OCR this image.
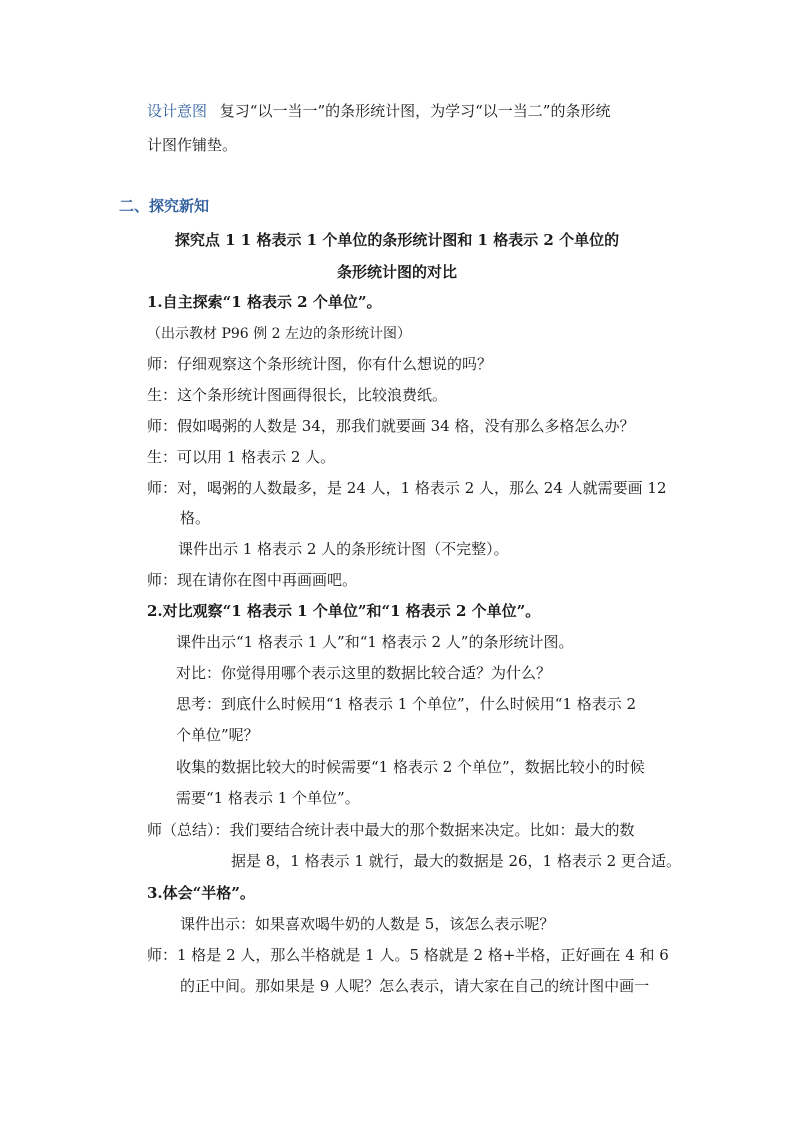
设计意图 复习“以一当一”的条形统计图，为学习“以一当二”的条形统
计图作铺垫。
二、探究新知
探究点 1 1 格表示 1 个单位的条形统计图和 1 格表示 2 个单位的
条形统计图的对比
1.自主探索“1 格表示 2 个单位”。
（出示教材 P96 例 2 左边的条形统计图）
师：仔细观察这个条形统计图，你有什么想说的吗？
生：这个条形统计图画得很长，比较浪费纸。
师：假如喝粥的人数是 34，那我们就要画 34 格，没有那么多格怎么办？
生：可以用 1 格表示 2 人。
师：对，喝粥的人数最多，是 24 人，1 格表示 2 人，那么 24 人就需要画 12
格。
课件出示 1 格表示 2 人的条形统计图（不完整）。
师：现在请你在图中再画画吧。
2.对比观察“1 格表示 1 个单位”和“1 格表示 2 个单位”。
课件出示“1 格表示 1 人”和“1 格表示 2 人”的条形统计图。
对比：你觉得用哪个表示这里的数据比较合适？为什么？
思考：到底什么时候用“1 格表示 1 个单位”，什么时候用“1 格表示 2
个单位”呢？
收集的数据比较大的时候需要“1 格表示 2 个单位”，数据比较小的时候
需要“1 格表示 1 个单位”。
师（总结）：我们要结合统计表中最大的那个数据来决定。比如：最大的数
据是 8，1 格表示 1 就行，最大的数据是 26，1 格表示 2 更合适。
3.体会“半格”。
课件出示：如果喜欢喝牛奶的人数是 5，该怎么表示呢？
师：1 格是 2 人，那么半格就是 1 人。5 格就是 2 格+半格，正好画在 4 和 6
的正中间。那如果是 9 人呢？怎么表示，请大家在自己的统计图中画一
